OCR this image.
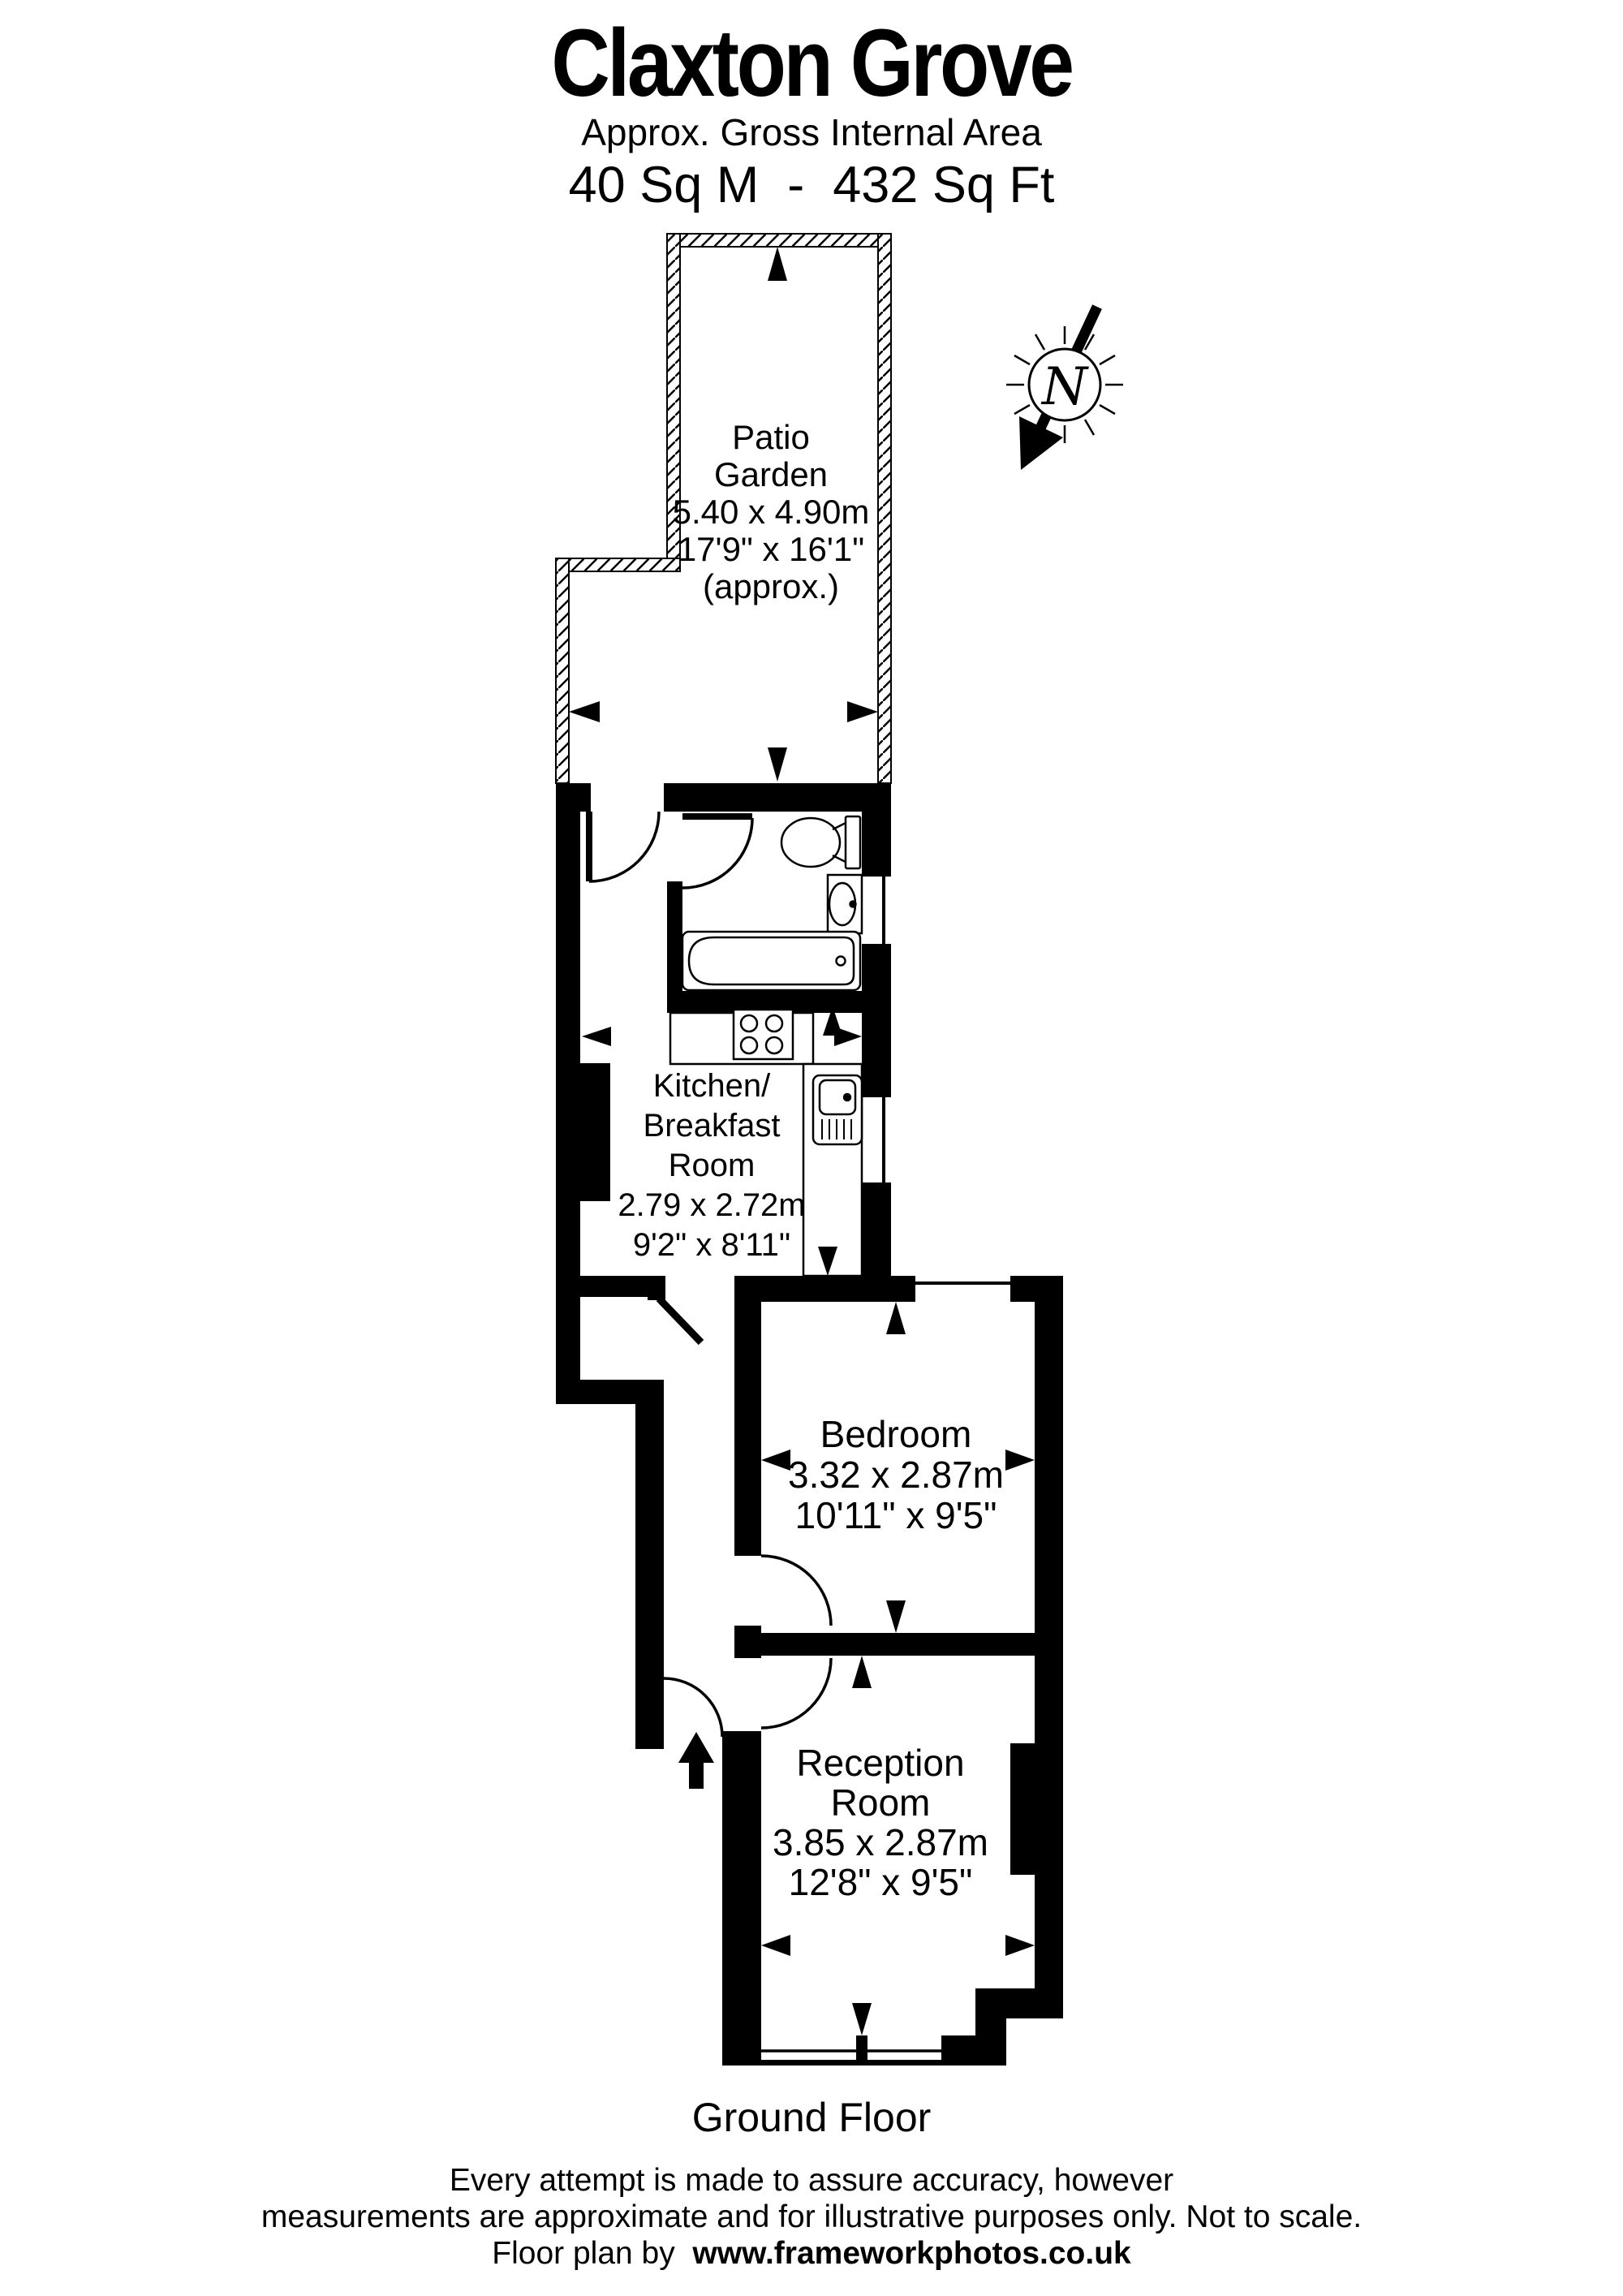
Claxton Grove
Approx. Gross Internal Area
40 Sq M  -  432 Sq Ft
N
Patio
Garden
5.40 x 4.90m
17'9" x 16'1"
(approx.)
Kitchen/
Breakfast
Room
2.79 x 2.72m
9'2" x 8'11"
Bedroom
3.32 x 2.87m
10'11" x 9'5"
Reception
Room
3.85 x 2.87m
12'8" x 9'5"
Ground Floor
Every attempt is made to assure accuracy, however
measurements are approximate and for illustrative purposes only. Not to scale.
Floor plan by  www.frameworkphotos.co.uk
